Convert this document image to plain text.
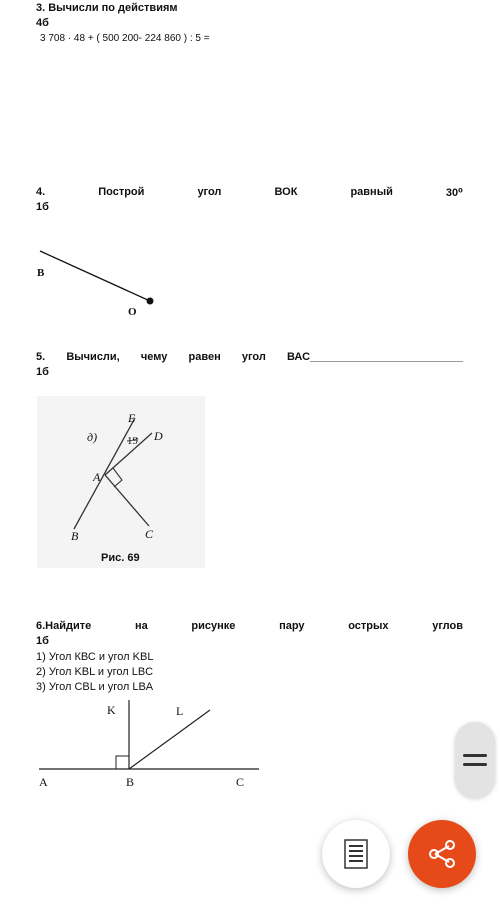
3. Вычисли по действиям
4б
3 708 · 48 + ( 500 200- 224 860 ) : 5 =
4.	Построй	угол	ВОК	равный	30⁰
1б
B
O
5. Вычисли, чему равен угол ВАС_________________________
1б
д)
E
D
19
A
B	C
Рис. 69
6.Найдите	на	рисунке	пару	острых	углов
1б
1) Угол КВС и угол KBL
2) Угол KBL и угол LBC
3) Угол CBL и угол LBA
K	L
A	B	C
